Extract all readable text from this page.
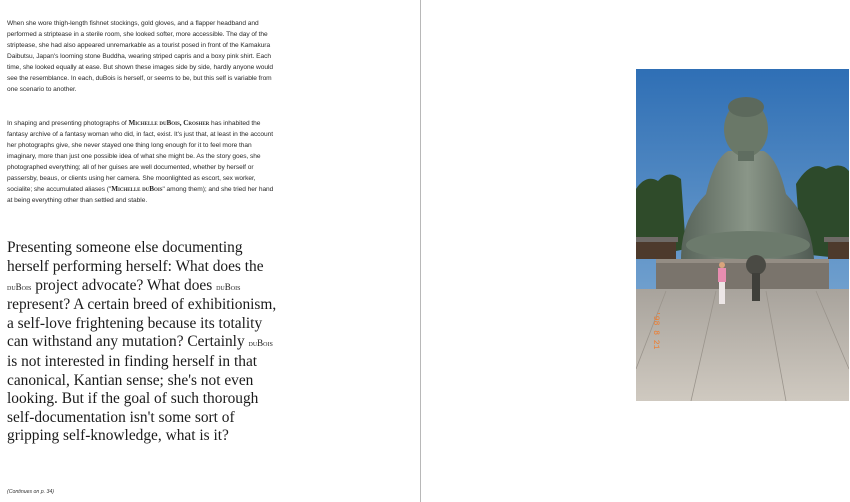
When she wore thigh-length fishnet stockings, gold gloves, and a flapper headband and performed a striptease in a sterile room, she looked softer, more accessible. The day of the striptease, she had also appeared unremarkable as a tourist posed in front of the Kamakura Daibutsu, Japan's looming stone Buddha, wearing striped capris and a boxy pink shirt. Each time, she looked equally at ease. But shown these images side by side, hardly anyone would see the resemblance. In each, duBois is herself, or seems to be, but this self is variable from one scenario to another.

In shaping and presenting photographs of Michelle duBois, Crosher has inhabited the fantasy archive of a fantasy woman who did, in fact, exist. It's just that, at least in the account her photographs give, she never stayed one thing long enough for it to feel more than imaginary, more than just one possible idea of what she might be. As the story goes, she photographed everything; all of her guises are well documented, whether by herself or passersby, beaus, or clients using her camera. She moonlighted as escort, sex worker, socialite; she accumulated aliases ("Michelle duBois" among them); and she tried her hand at being everything other than settled and stable.

Presenting someone else documenting herself performing herself: What does the duBois project advocate? What does duBois represent? A certain breed of exhibitionism, a self-love frightening because its totality can withstand any mutation? Certainly duBois is not interested in finding herself in that canonical, Kantian sense; she's not even looking. But if the goal of such thorough self-documentation isn't some sort of gripping self-knowledge, what is it?

(Continues on p. 34)
'98 8 21
